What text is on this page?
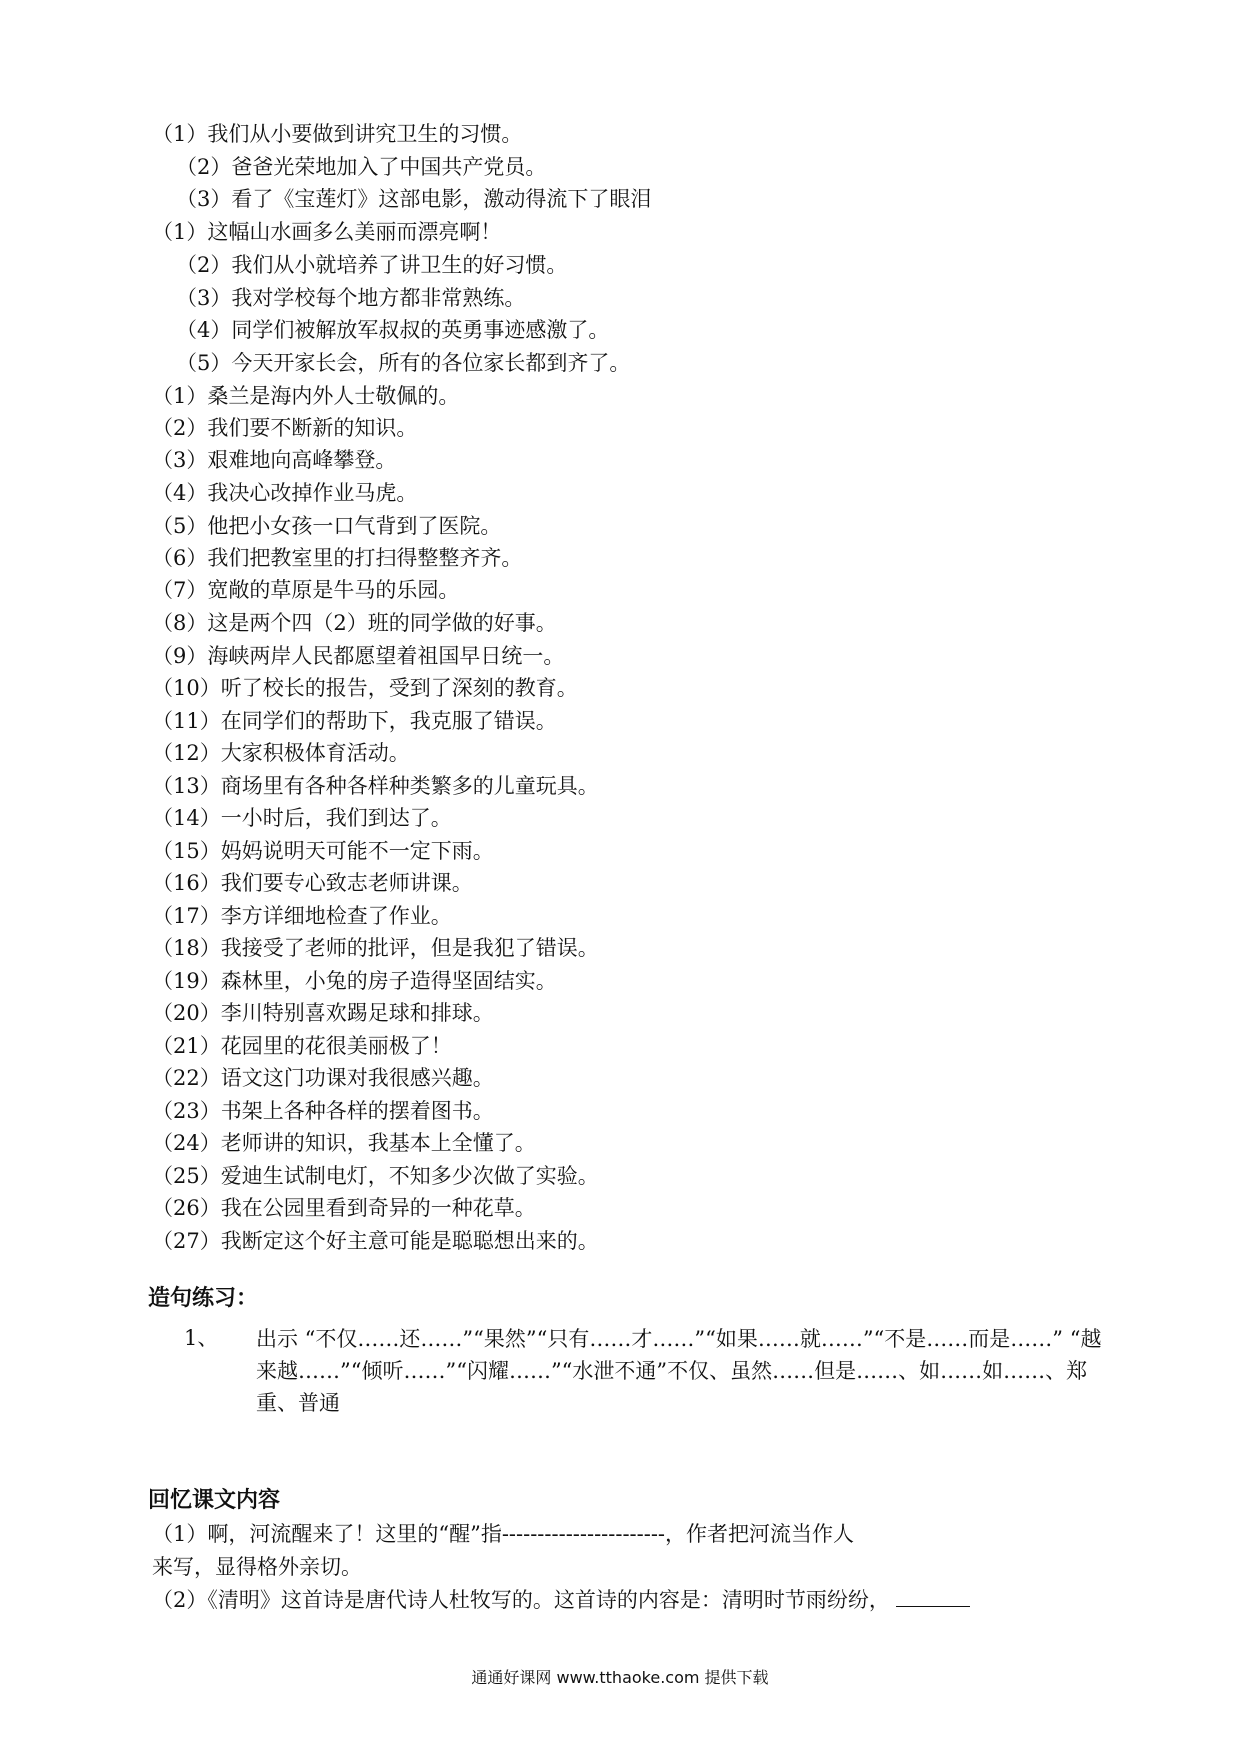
（1）我们从小要做到讲究卫生的习惯。
（2）爸爸光荣地加入了中国共产党员。
（3）看了《宝莲灯》这部电影，激动得流下了眼泪
（1）这幅山水画多么美丽而漂亮啊！
（2）我们从小就培养了讲卫生的好习惯。
（3）我对学校每个地方都非常熟练。
（4）同学们被解放军叔叔的英勇事迹感激了。
（5）今天开家长会，所有的各位家长都到齐了。
（1）桑兰是海内外人士敬佩的。
（2）我们要不断新的知识。
（3）艰难地向高峰攀登。
（4）我决心改掉作业马虎。
（5）他把小女孩一口气背到了医院。
（6）我们把教室里的打扫得整整齐齐。
（7）宽敞的草原是牛马的乐园。
（8）这是两个四（2）班的同学做的好事。
（9）海峡两岸人民都愿望着祖国早日统一。
（10）听了校长的报告，受到了深刻的教育。
（11）在同学们的帮助下，我克服了错误。
（12）大家积极体育活动。
（13）商场里有各种各样种类繁多的儿童玩具。
（14）一小时后，我们到达了。
（15）妈妈说明天可能不一定下雨。
（16）我们要专心致志老师讲课。
（17）李方详细地检查了作业。
（18）我接受了老师的批评，但是我犯了错误。
（19）森林里，小兔的房子造得坚固结实。
（20）李川特别喜欢踢足球和排球。
（21）花园里的花很美丽极了！
（22）语文这门功课对我很感兴趣。
（23）书架上各种各样的摆着图书。
（24）老师讲的知识，我基本上全懂了。
（25）爱迪生试制电灯，不知多少次做了实验。
（26）我在公园里看到奇异的一种花草。
（27）我断定这个好主意可能是聪聪想出来的。
造句练习：
1、 出示 “不仅……还……”“果然”“只有……才……”“如果……就……”“不是……而是……” “越来越……”“倾听……”“闪耀……”“水泄不通”不仅、虽然……但是……、如……如……、郑重、普通
回忆课文内容
（1）啊，河流醒来了！这里的“醒”指-----------------------，作者把河流当作人
来写，显得格外亲切。
（2）《清明》这首诗是唐代诗人杜牧写的。这首诗的内容是：清明时节雨纷纷，
通通好课网 www.tthaoke.com 提供下载
